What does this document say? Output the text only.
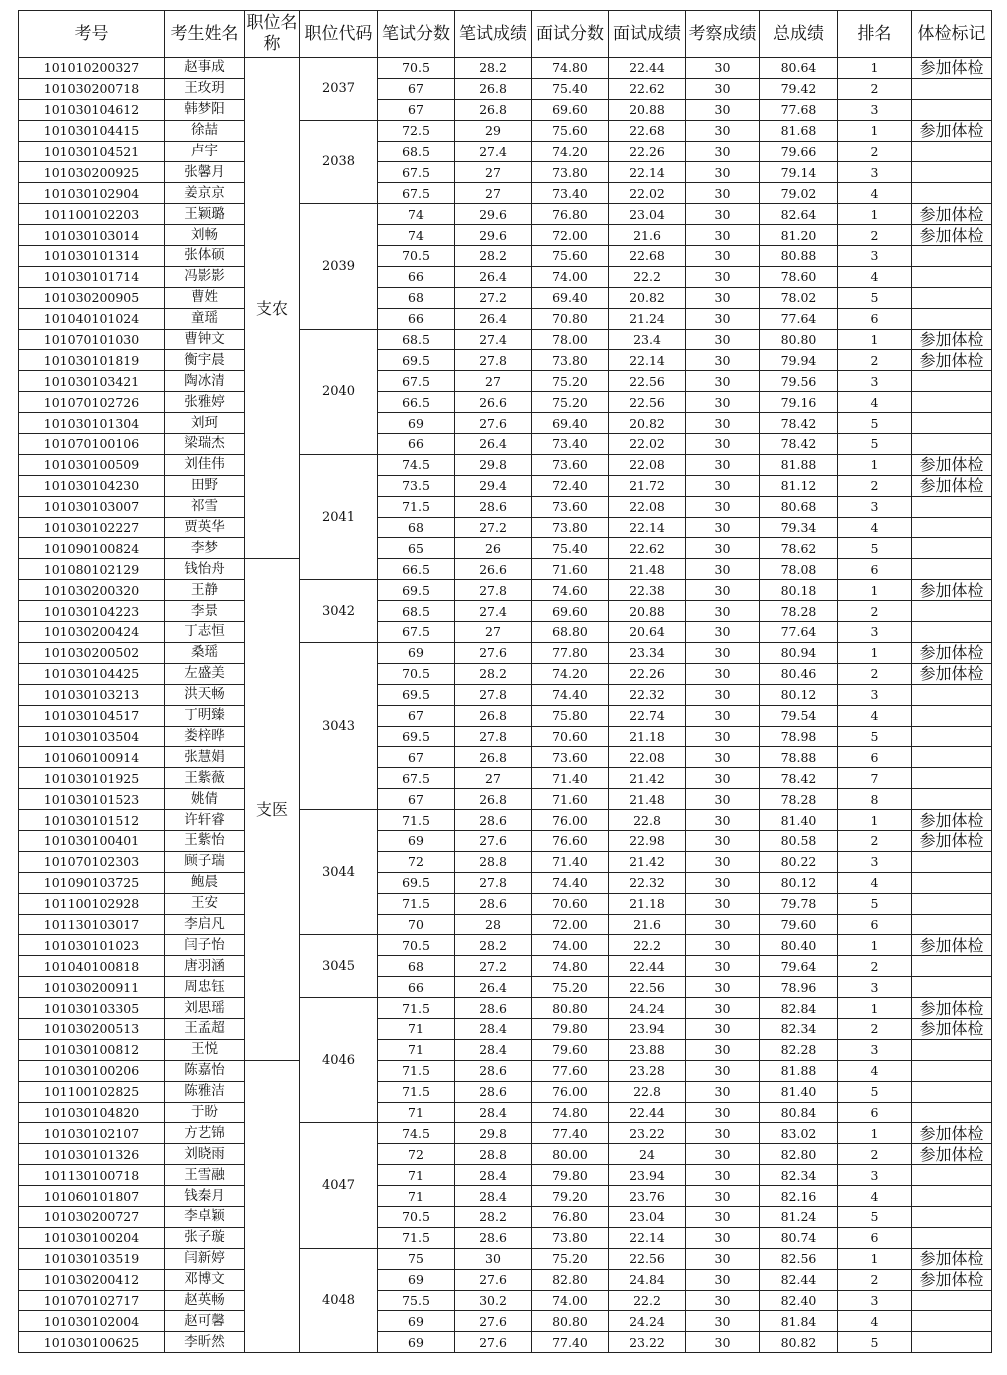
考号	考生姓名	职位名称	职位代码	笔试分数	笔试成绩	面试分数	面试成绩	考察成绩	总成绩	排名	体检标记
101010200327	赵事成	支农	2037	70.5	28.2	74.80	22.44	30	80.64	1	参加体检
101030200718	王玫玥			67	26.8	75.40	22.62	30	79.42	2	
101030104612	韩梦阳			67	26.8	69.60	20.88	30	77.68	3	
101030104415	徐喆		2038	72.5	29	75.60	22.68	30	81.68	1	参加体检
101030104521	卢宇			68.5	27.4	74.20	22.26	30	79.66	2	
101030200925	张馨月			67.5	27	73.80	22.14	30	79.14	3	
101030102904	姜京京			67.5	27	73.40	22.02	30	79.02	4	
101100102203	王颖璐		2039	74	29.6	76.80	23.04	30	82.64	1	参加体检
101030103014	刘畅			74	29.6	72.00	21.6	30	81.20	2	参加体检
101030101314	张体硕			70.5	28.2	75.60	22.68	30	80.88	3	
101030101714	冯影影			66	26.4	74.00	22.2	30	78.60	4	
101030200905	曹姓			68	27.2	69.40	20.82	30	78.02	5	
101040101024	童瑶			66	26.4	70.80	21.24	30	77.64	6	
101070101030	曹钟文		2040	68.5	27.4	78.00	23.4	30	80.80	1	参加体检
101030101819	衡宇晨			69.5	27.8	73.80	22.14	30	79.94	2	参加体检
101030103421	陶冰清			67.5	27	75.20	22.56	30	79.56	3	
101070102726	张雅婷			66.5	26.6	75.20	22.56	30	79.16	4	
101030101304	刘珂			69	27.6	69.40	20.82	30	78.42	5	
101070100106	梁瑞杰			66	26.4	73.40	22.02	30	78.42	5	
101030100509	刘佳伟		2041	74.5	29.8	73.60	22.08	30	81.88	1	参加体检
101030104230	田野			73.5	29.4	72.40	21.72	30	81.12	2	参加体检
101030103007	祁雪			71.5	28.6	73.60	22.08	30	80.68	3	
101030102227	贾英华			68	27.2	73.80	22.14	30	79.34	4	
101090100824	李梦			65	26	75.40	22.62	30	78.62	5	
101080102129	钱怡舟	支医		66.5	26.6	71.60	21.48	30	78.08	6	
101030200320	王静		3042	69.5	27.8	74.60	22.38	30	80.18	1	参加体检
101030104223	李景			68.5	27.4	69.60	20.88	30	78.28	2	
101030200424	丁志恒			67.5	27	68.80	20.64	30	77.64	3	
101030200502	桑瑶		3043	69	27.6	77.80	23.34	30	80.94	1	参加体检
101030104425	左盛美			70.5	28.2	74.20	22.26	30	80.46	2	参加体检
101030103213	洪天畅			69.5	27.8	74.40	22.32	30	80.12	3	
101030104517	丁明臻			67	26.8	75.80	22.74	30	79.54	4	
101030103504	娄梓晔			69.5	27.8	70.60	21.18	30	78.98	5	
101060100914	张慧娟			67	26.8	73.60	22.08	30	78.88	6	
101030101925	王紫薇			67.5	27	71.40	21.42	30	78.42	7	
101030101523	姚倩			67	26.8	71.60	21.48	30	78.28	8	
101030101512	许轩睿		3044	71.5	28.6	76.00	22.8	30	81.40	1	参加体检
101030100401	王紫怡			69	27.6	76.60	22.98	30	80.58	2	参加体检
101070102303	顾子瑞			72	28.8	71.40	21.42	30	80.22	3	
101090103725	鲍晨			69.5	27.8	74.40	22.32	30	80.12	4	
101100102928	王安			71.5	28.6	70.60	21.18	30	79.78	5	
101130103017	李启凡			70	28	72.00	21.6	30	79.60	6	
101030101023	闫子怡		3045	70.5	28.2	74.00	22.2	30	80.40	1	参加体检
101040100818	唐羽涵			68	27.2	74.80	22.44	30	79.64	2	
101030200911	周忠钰			66	26.4	75.20	22.56	30	78.96	3	
101030103305	刘思瑶		4046	71.5	28.6	80.80	24.24	30	82.84	1	参加体检
101030200513	王孟超			71	28.4	79.80	23.94	30	82.34	2	参加体检
101030100812	王悦			71	28.4	79.60	23.88	30	82.28	3	
101030100206	陈嘉怡			71.5	28.6	77.60	23.28	30	81.88	4	
101100102825	陈雅洁			71.5	28.6	76.00	22.8	30	81.40	5	
101030104820	于盼			71	28.4	74.80	22.44	30	80.84	6	
101030102107	方艺锦		4047	74.5	29.8	77.40	23.22	30	83.02	1	参加体检
101030101326	刘晓雨			72	28.8	80.00	24	30	82.80	2	参加体检
101130100718	王雪融			71	28.4	79.80	23.94	30	82.34	3	
101060101807	钱秦月			71	28.4	79.20	23.76	30	82.16	4	
101030200727	李卓颖			70.5	28.2	76.80	23.04	30	81.24	5	
101030100204	张子璇			71.5	28.6	73.80	22.14	30	80.74	6	
101030103519	闫新婷		4048	75	30	75.20	22.56	30	82.56	1	参加体检
101030200412	邓博文			69	27.6	82.80	24.84	30	82.44	2	参加体检
101070102717	赵英畅			75.5	30.2	74.00	22.2	30	82.40	3	
101030102004	赵可馨			69	27.6	80.80	24.24	30	81.84	4	
101030100625	李昕然			69	27.6	77.40	23.22	30	80.82	5	
